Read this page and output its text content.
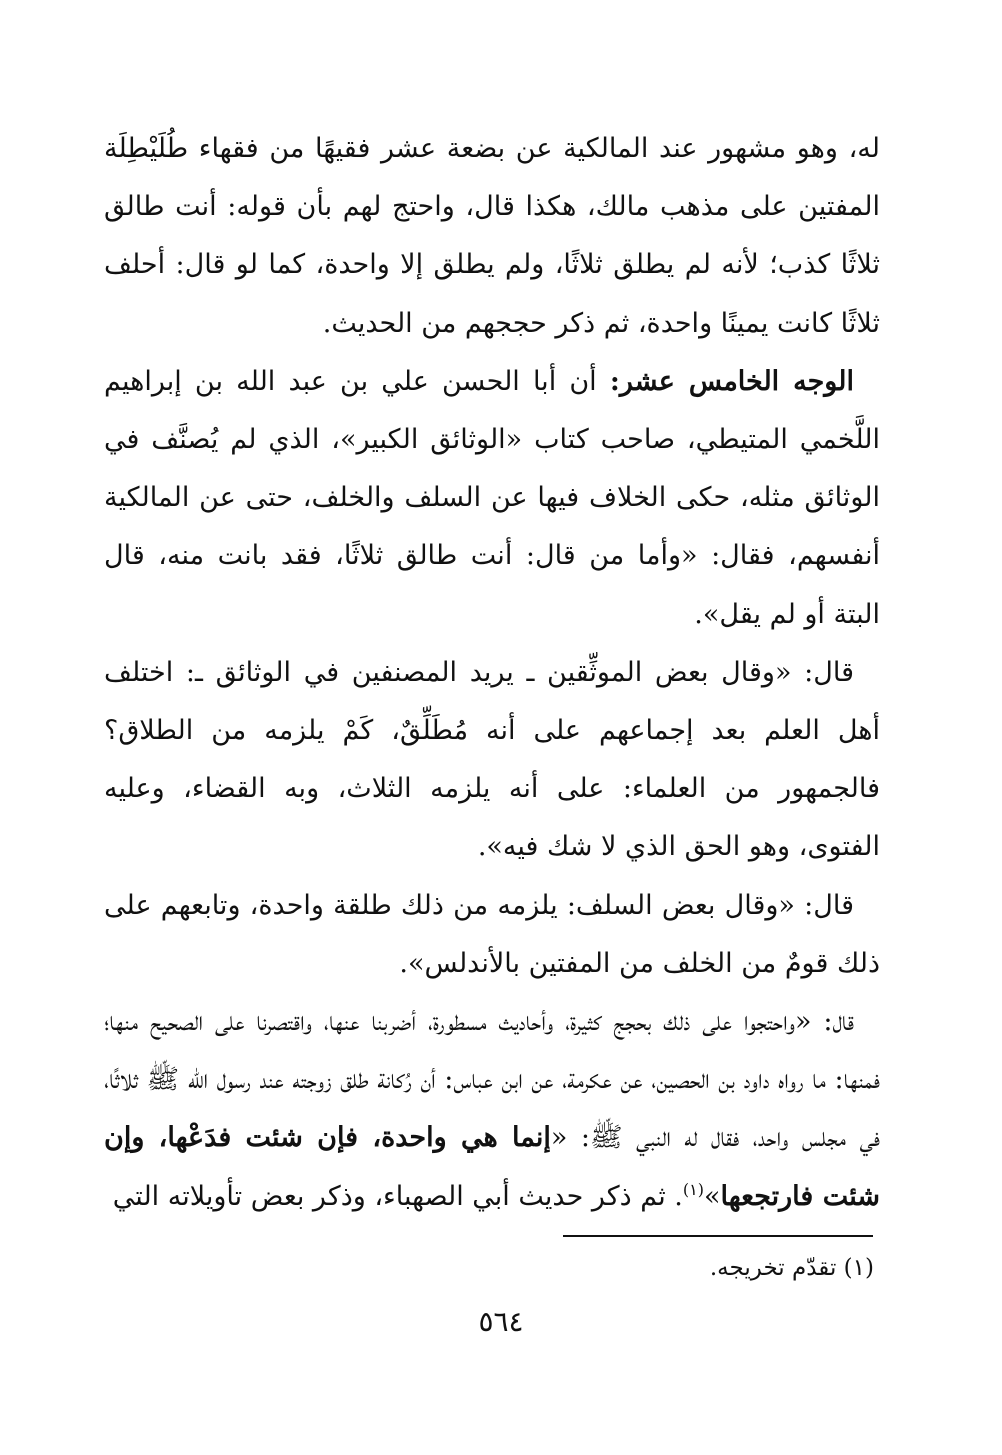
له، وهو مشهور عند المالكية عن بضعة عشر فقيهًا من فقهاء طُلَيْطِلَة المفتين على مذهب مالك، هكذا قال، واحتج لهم بأن قوله: أنت طالق ثلاثًا كذب؛ لأنه لم يطلق ثلاثًا، ولم يطلق إلا واحدة، كما لو قال: أحلف ثلاثًا كانت يمينًا واحدة، ثم ذكر حججهم من الحديث.

الوجه الخامس عشر: أن أبا الحسن علي بن عبد الله بن إبراهيم اللَّخمي المتيطي، صاحب كتاب «الوثائق الكبير»، الذي لم يُصنَّف في الوثائق مثله، حكى الخلاف فيها عن السلف والخلف، حتى عن المالكية أنفسهم، فقال: «وأما من قال: أنت طالق ثلاثًا، فقد بانت منه، قال البتة أو لم يقل».

قال: «وقال بعض الموثِّقين ـ يريد المصنفين في الوثائق ـ: اختلف أهل العلم بعد إجماعهم على أنه مُطَلِّقٌ، كَمْ يلزمه من الطلاق؟ فالجمهور من العلماء: على أنه يلزمه الثلاث، وبه القضاء، وعليه الفتوى، وهو الحق الذي لا شك فيه».

قال: «وقال بعض السلف: يلزمه من ذلك طلقة واحدة، وتابعهم على ذلك قومٌ من الخلف من المفتين بالأندلس».

قال: «واحتجوا على ذلك بحجج كثيرة، وأحاديث مسطورة، أضربنا عنها، واقتصرنا على الصحيح منها؛ فمنها: ما رواه داود بن الحصين، عن عكرمة، عن ابن عباس: أن رُكانة طلق زوجته عند رسول الله ﷺ ثلاثًا، في مجلس واحد، فقال له النبي ﷺ: «إنما هي واحدة، فإن شئت فدَعْها، وإن شئت فارتجعها»$^{(١)}$. ثم ذكر حديث أبي الصهباء، وذكر بعض تأويلاته التي

(١) تقدّم تخريجه.
٥٦٤
